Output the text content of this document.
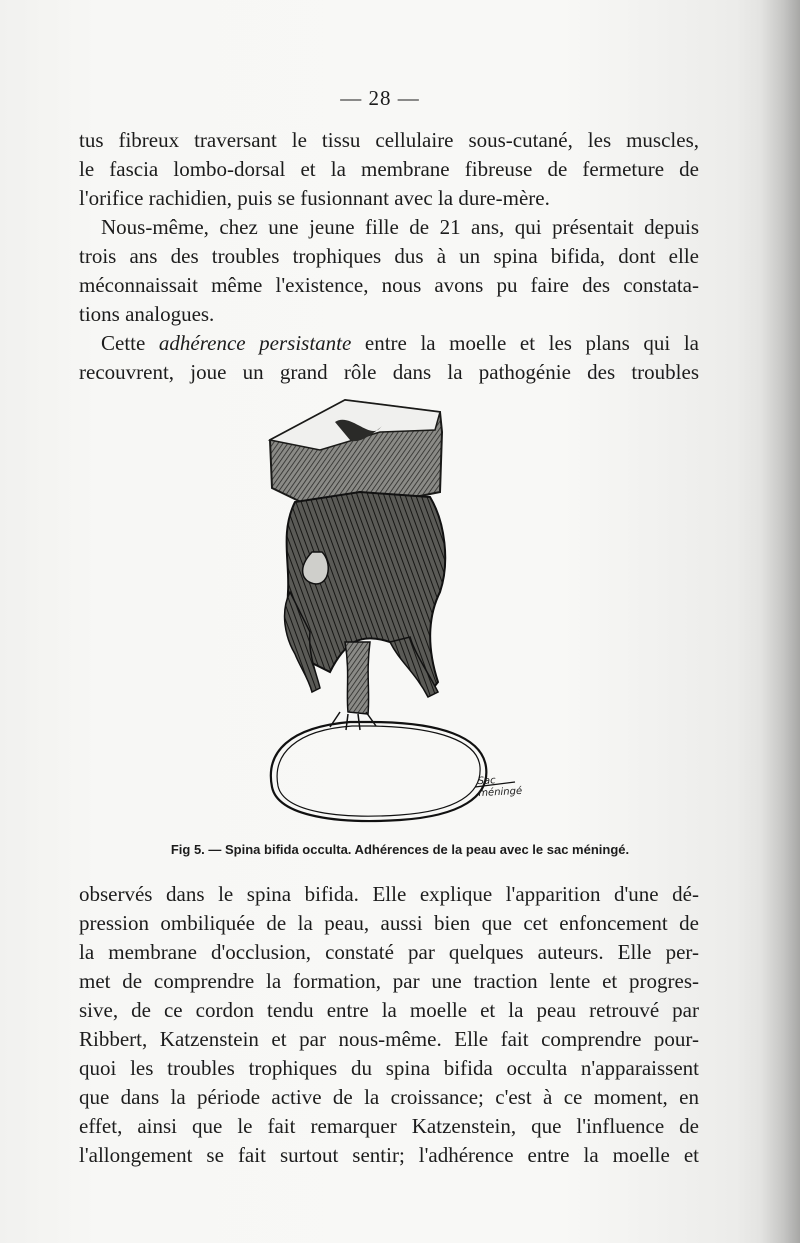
— 28 —

tus fibreux traversant le tissu cellulaire sous-cutané, les muscles,
le fascia lombo-dorsal et la membrane fibreuse de fermeture de
l'orifice rachidien, puis se fusionnant avec la dure-mère.

Nous-même, chez une jeune fille de 21 ans, qui présentait depuis
trois ans des troubles trophiques dus à un spina bifida, dont elle
méconnaissait même l'existence, nous avons pu faire des constata-
tions analogues.

Cette adhérence persistante entre la moelle et les plans qui la
recouvrent, joue un grand rôle dans la pathogénie des troubles

Sac
méningé
Fig 5. — Spina bifida occulta. Adhérences de la peau avec le sac méningé.

observés dans le spina bifida. Elle explique l'apparition d'une dé-
pression ombiliquée de la peau, aussi bien que cet enfoncement de
la membrane d'occlusion, constaté par quelques auteurs. Elle per-
met de comprendre la formation, par une traction lente et progres-
sive, de ce cordon tendu entre la moelle et la peau retrouvé par
Ribbert, Katzenstein et par nous-même. Elle fait comprendre pour-
quoi les troubles trophiques du spina bifida occulta n'apparaissent
que dans la période active de la croissance; c'est à ce moment, en
effet, ainsi que le fait remarquer Katzenstein, que l'influence de
l'allongement se fait surtout sentir; l'adhérence entre la moelle et
